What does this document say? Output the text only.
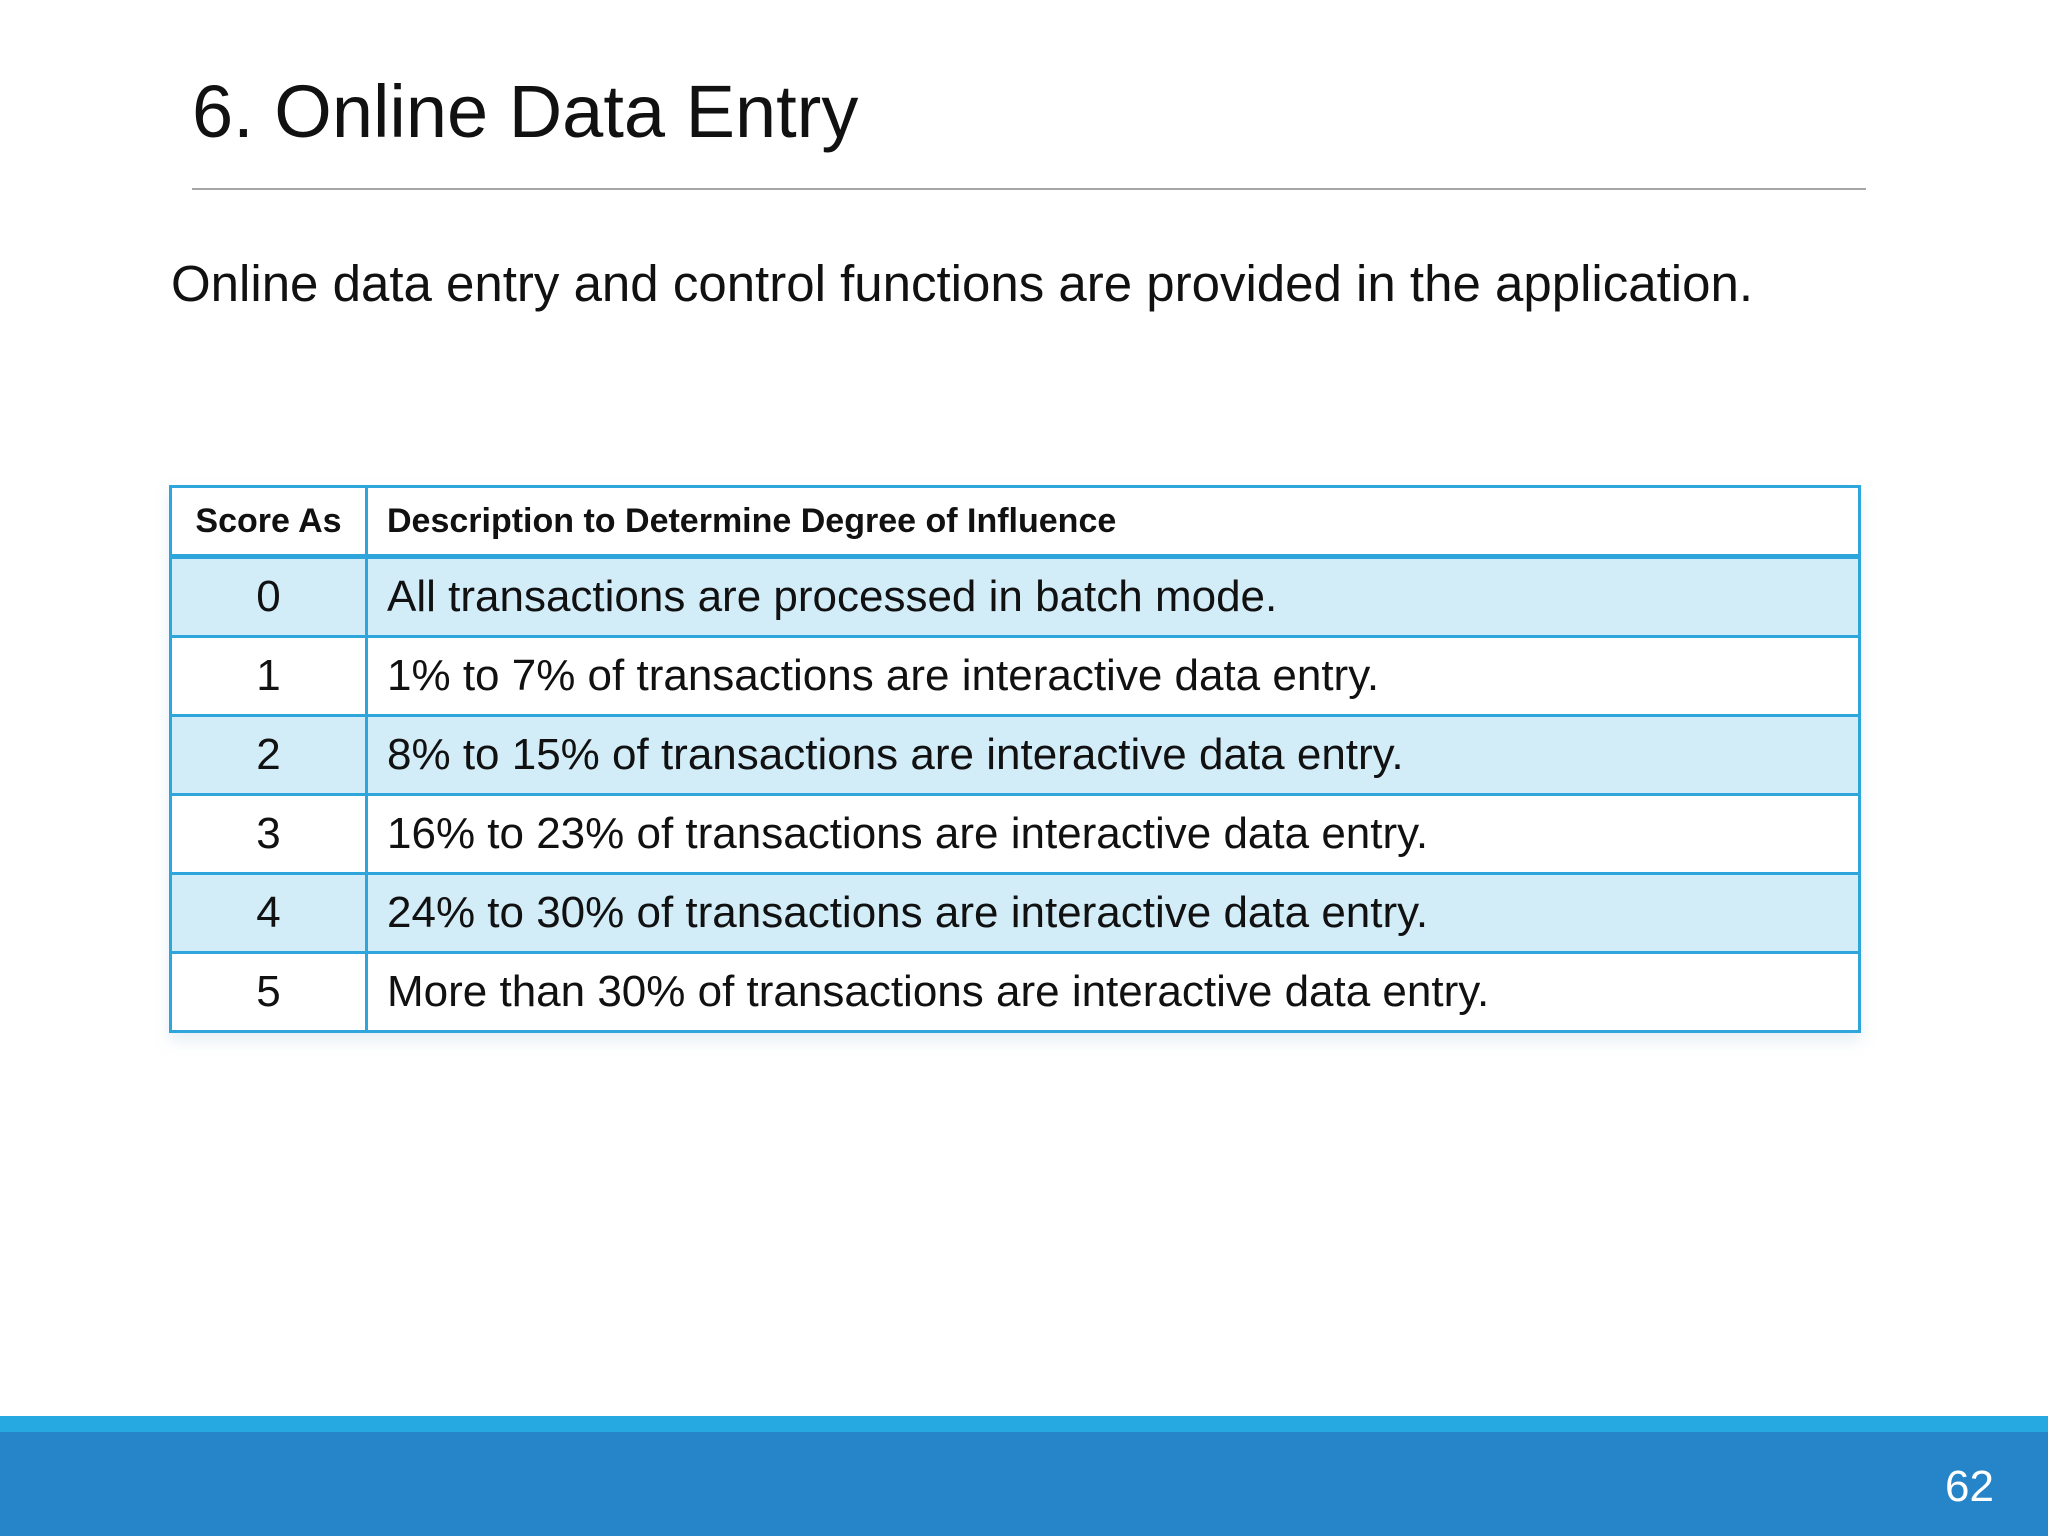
6. Online Data Entry

Online data entry and control functions are provided in the application.

Score As	Description to Determine Degree of Influence
0	All transactions are processed in batch mode.
1	1% to 7% of transactions are interactive data entry.
2	8% to 15% of transactions are interactive data entry.
3	16% to 23% of transactions are interactive data entry.
4	24% to 30% of transactions are interactive data entry.
5	More than 30% of transactions are interactive data entry.
62
